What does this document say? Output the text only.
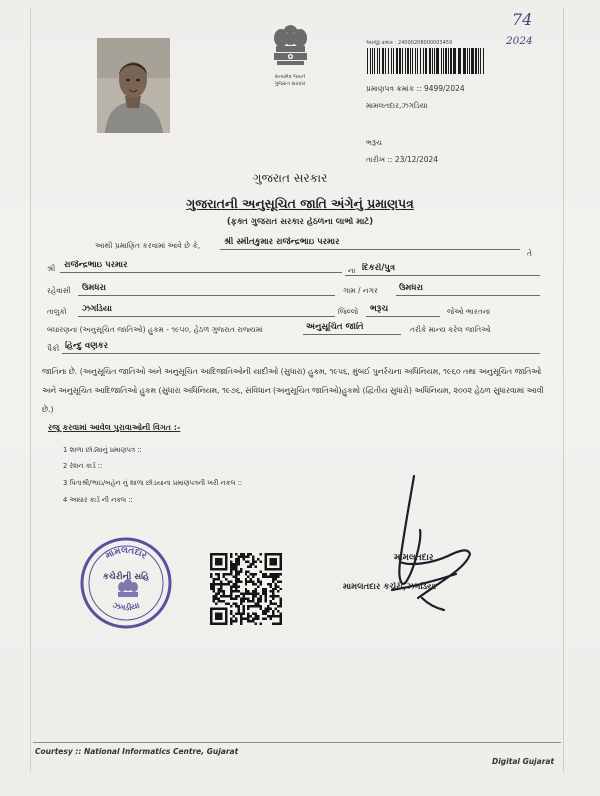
સત્યમેવ જયતે
ગુજરાત સરકાર
અરજી ક્રમાંક : 24000208000003459
74
2024
પ્રમાણપત્ર ક્રમાંક :: 9499/2024
મામલતદાર,ઝગડિયા
ભરૂચ
તારીખ :: 23/12/2024
ગુજરાત સરકાર
ગુજરાતની અનુસૂચિત જાતિ અંગેનું પ્રમાણપત્ર
(ફક્ત ગુજરાત સરકાર હેઠળના લાભો માટે)
આથી પ્રમાણિત કરવામાં આવે છે કે,	શ્રી સ્મીતકુમાર રાજેન્દ્રભાઇ પરમાર
તે
શ્રી રાજેન્દ્રભાઇ પરમાર
ના દિકરો/પુત્ર
રહેવાસી	ઉમધરા	ગામ / નગર	ઉમધરા
તાલુકો	ઝગડિયા	જિલ્લો	ભરૂચ	જેઓ ભારતના
બંધારણના (અનુસૂચિત જાતિઓ) હુકમ - ૧૯૫૦, હેઠળ ગુજરાત રાજ્યમાં	અનુસૂચિત જાતિ	તરીકે માન્ય કરેલ જાતિઓ
પૈકી હિન્દુ વણકર
જાતિના છે. (અનુસૂચિત જાતિઓ અને અનુસૂચિત આદિજાતિઓની યાદીઓ (સુધારા) હુકમ, ૧૯૫૬, મુંબઈ પુનર્રચના અધિનિયમ, ૧૯૬૦ તથા અનુસૂચિત જાતિઓ અને અનુસૂચિત આદિજાતિઓ હુકમ (સુધારા અધિનિયમ, ૧૯૭૬, સંવિધાન (અનુસૂચિત જાતિઓ)હુકમો (દ્વિતીય સુધારો) અધિનિયમ, ૨૦૦૨ હેઠળ સુધારવામાં આવી છે.)
રજૂ કરવામાં આવેલ પુરાવાઓની વિગત :-
1 શાળા છોડ્યાનું પ્રમાણપત્ર ::
2 રેશન કાર્ડ ::
3 પિતાશ્રી/ભાઇ/બહેન નું શાળા છોડયાના પ્રમાણપત્રની ખરી નકલ ::
4 આધાર કાર્ડ ની નકલ ::
મામલતદાર
ઝગડીયા
કચેરીની સહિ
મામલતદાર
મામલતદાર કચેરી,ઝગડિયા
Courtesy :: National Informatics Centre, Gujarat
Digital Gujarat
